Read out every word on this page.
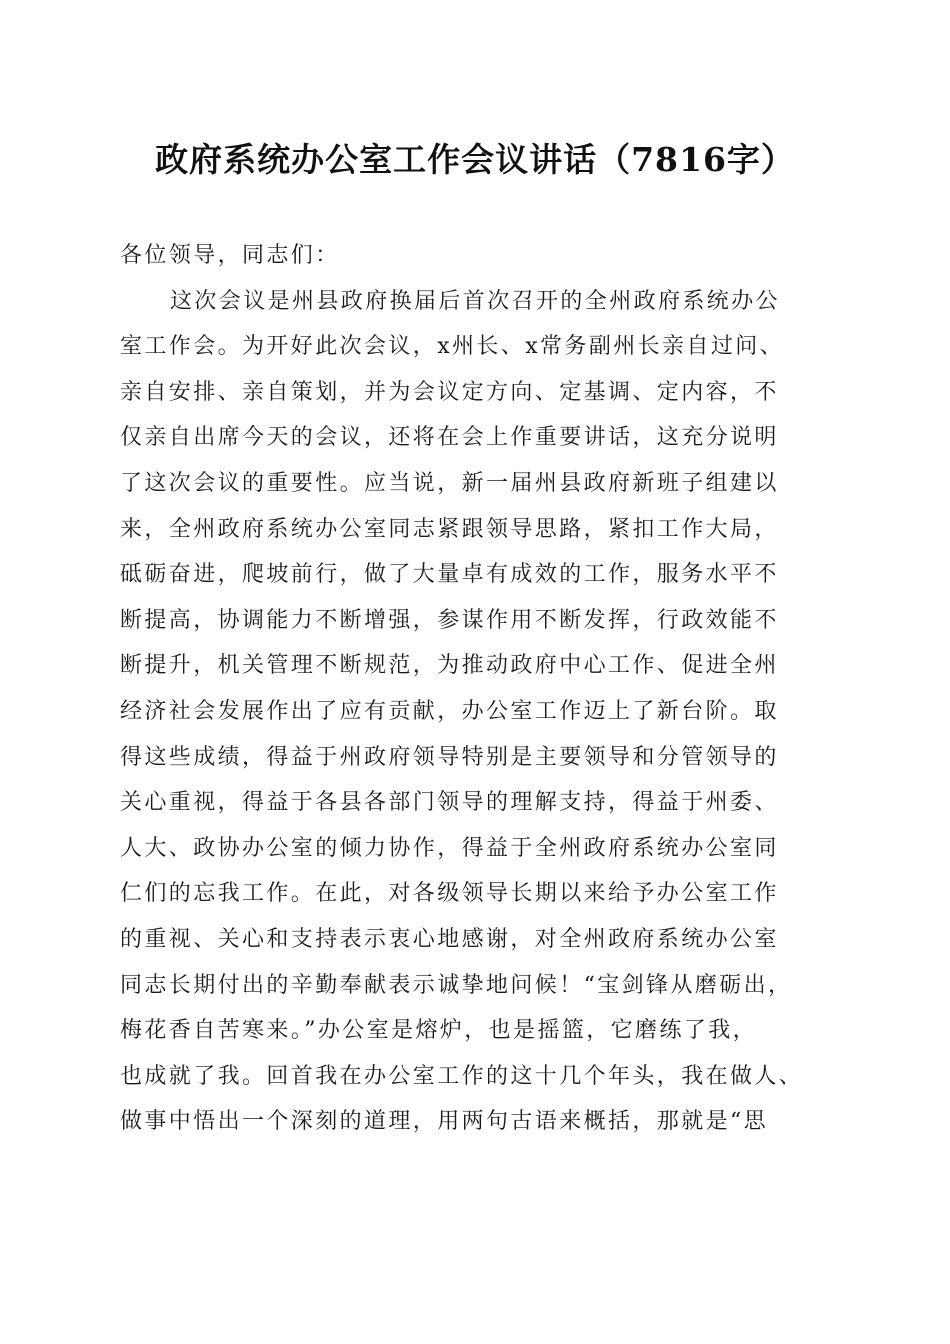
政府系统办公室工作会议讲话（7816字）
各位领导，同志们：
这次会议是州县政府换届后首次召开的全州政府系统办公
室工作会。为开好此次会议，x州长、x常务副州长亲自过问、
亲自安排、亲自策划，并为会议定方向、定基调、定内容，不
仅亲自出席今天的会议，还将在会上作重要讲话，这充分说明
了这次会议的重要性。应当说，新一届州县政府新班子组建以
来，全州政府系统办公室同志紧跟领导思路，紧扣工作大局，
砥砺奋进，爬坡前行，做了大量卓有成效的工作，服务水平不
断提高，协调能力不断增强，参谋作用不断发挥，行政效能不
断提升，机关管理不断规范，为推动政府中心工作、促进全州
经济社会发展作出了应有贡献，办公室工作迈上了新台阶。取
得这些成绩，得益于州政府领导特别是主要领导和分管领导的
关心重视，得益于各县各部门领导的理解支持，得益于州委、
人大、政协办公室的倾力协作，得益于全州政府系统办公室同
仁们的忘我工作。在此，对各级领导长期以来给予办公室工作
的重视、关心和支持表示衷心地感谢，对全州政府系统办公室
同志长期付出的辛勤奉献表示诚挚地问候！“宝剑锋从磨砺出，
梅花香自苦寒来。”办公室是熔炉，也是摇篮，它磨练了我，
也成就了我。回首我在办公室工作的这十几个年头，我在做人、
做事中悟出一个深刻的道理，用两句古语来概括，那就是“思
